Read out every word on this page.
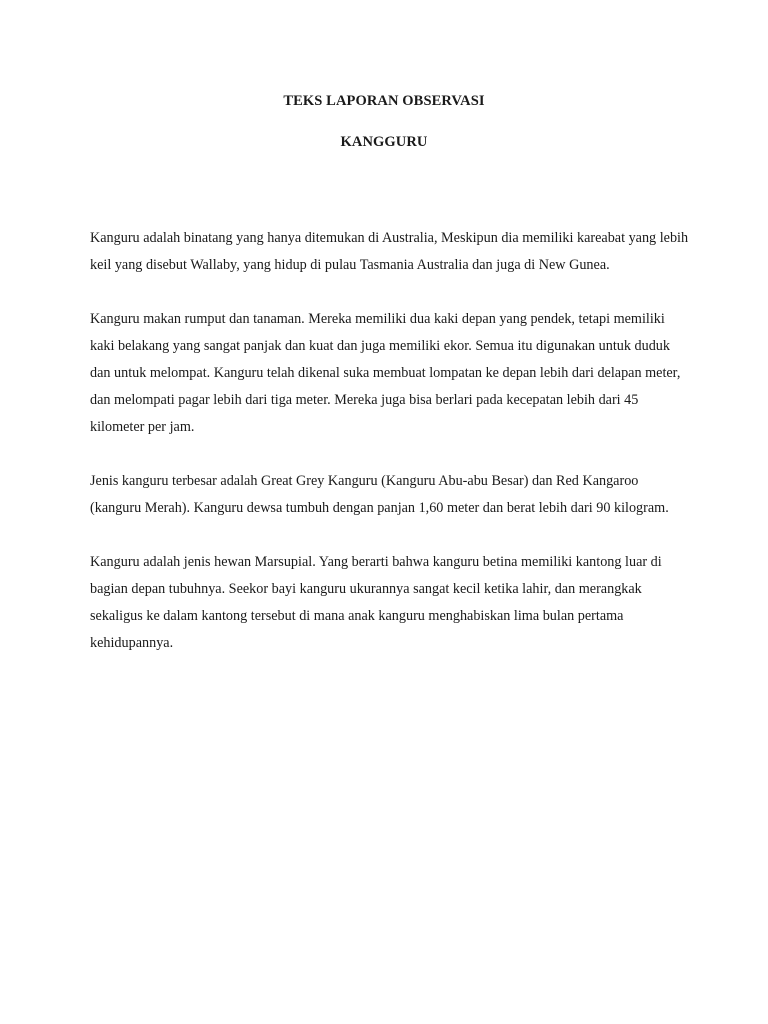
TEKS LAPORAN OBSERVASI
KANGGURU

Kanguru adalah binatang yang hanya ditemukan di Australia, Meskipun dia memiliki kareabat yang lebih keil yang disebut Wallaby, yang hidup di pulau Tasmania Australia dan juga di New Gunea.

Kanguru makan rumput dan tanaman. Mereka memiliki dua kaki depan yang pendek, tetapi memiliki kaki belakang yang sangat panjak dan kuat dan juga memiliki ekor. Semua itu digunakan untuk duduk dan untuk melompat. Kanguru telah dikenal suka membuat lompatan ke depan lebih dari delapan meter, dan melompati pagar lebih dari tiga meter. Mereka juga bisa berlari pada kecepatan lebih dari 45 kilometer per jam.

Jenis kanguru terbesar adalah Great Grey Kanguru (Kanguru Abu-abu Besar) dan Red Kangaroo (kanguru Merah). Kanguru dewsa tumbuh dengan panjan 1,60 meter dan berat lebih dari 90 kilogram.

Kanguru adalah jenis hewan Marsupial. Yang berarti bahwa kanguru betina memiliki kantong luar di bagian depan tubuhnya. Seekor bayi kanguru ukurannya sangat kecil ketika lahir, dan merangkak sekaligus ke dalam kantong tersebut di mana anak kanguru menghabiskan lima bulan pertama kehidupannya.
